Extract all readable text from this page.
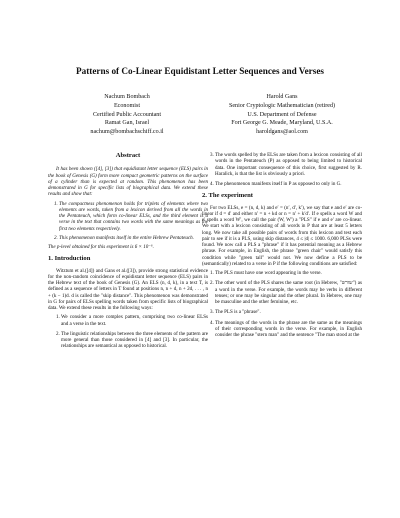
Patterns of Co-Linear Equidistant Letter Sequences and Verses
Nachum Bombach
Economist
Certified Public Accountant
Ramat Gan, Israel
nachum@bombachschiff.co.il
Harold Gans
Senior Cryptologic Mathematician (retired)
U.S. Department of Defense
Fort George G. Meade, Maryland, U.S.A.
haroldgans@aol.com
Abstract

It has been shown ([4], [3]) that equidistant letter sequence (ELS) pairs in the book of Genesis (G) form more compact geometric patterns on the surface of a cylinder than is expected at random. This phenomenon has been demonstrated in G for specific lists of biographical data. We extend these results and show that:

1. The compactness phenomenon holds for triplets of elements where two elements are words, taken from a lexicon derived from all the words in the Pentateuch, which form co-linear ELSs, and the third element is a verse in the text that contains two words with the same meanings as the first two elements respectively.
2. This phenomenon manifests itself in the entire Hebrew Pentateuch.

The p-level obtained for this experiment is 6 × 10⁻⁶.

1. Introduction

Witztum et al.([4]) and Gans et al.([3]), provide strong statistical evidence for the non-random coincidence of equidistant letter sequence (ELS) pairs in the Hebrew text of the book of Genesis (G). An ELS (n, d, k), in a text T, is defined as a sequence of letters in T found at positions n, n + d, n + 2d, . . . , n + (k − 1)d. d is called the "skip distance". This phenomenon was demonstrated in G for pairs of ELSs spelling words taken from specific lists of biographical data. We extend these results in the following ways:

1. We consider a more complex pattern, comprising two co-linear ELSs and a verse in the text.
2. The linguistic relationships between the three elements of the pattern are more general than those considered in [4] and [3]. In particular, the relationships are semantical as opposed to historical.
3. The words spelled by the ELSs are taken from a lexicon consisting of all words in the Pentateuch (P) as opposed to being limited to historical data. One important consequence of this choice, first suggested by R. Haralick, is that the list is obviously a priori.
4. The phenomenon manifests itself in P as opposed to only in G.
2. The experiment

For two ELSs, e = (n, d, k) and e′ = (n′, d′, k′), we say that e and e′ are co-linear if d = d′ and either n′ = n + kd or n = n′ + k′d′. If e spells a word W and e′ spells a word W′, we call the pair (W, W′) a "PLS" if e and e′ are co-linear. We start with a lexicon consisting of all words in P that are at least 5 letters long. We now take all possible pairs of words from this lexicon and test each pair to see if it is a PLS, using skip distances, 4 ≤ |d| ≤ 1000. 6,000 PLSs were found. We now call a PLS a "phrase" if it has potential meaning as a Hebrew phrase. For example, in English, the phrase "green chair" would satisfy this condition while "green tall" would not. We now define a PLS to be (semantically) related to a verse in P if the following conditions are satisfied:

1. The PLS must have one word appearing in the verse.
2. The other word of the PLS shares the same root (in Hebrew, "שורש") as a word in the verse. For example, the words may be verbs in different tenses; or one may be singular and the other plural. In Hebrew, one may be masculine and the other feminine, etc.
3. The PLS is a "phrase".
4. The meanings of the words in the phrase are the same as the meanings of their corresponding words in the verse. For example, in English consider the phrase "stern man" and the sentence "The man stood at the
